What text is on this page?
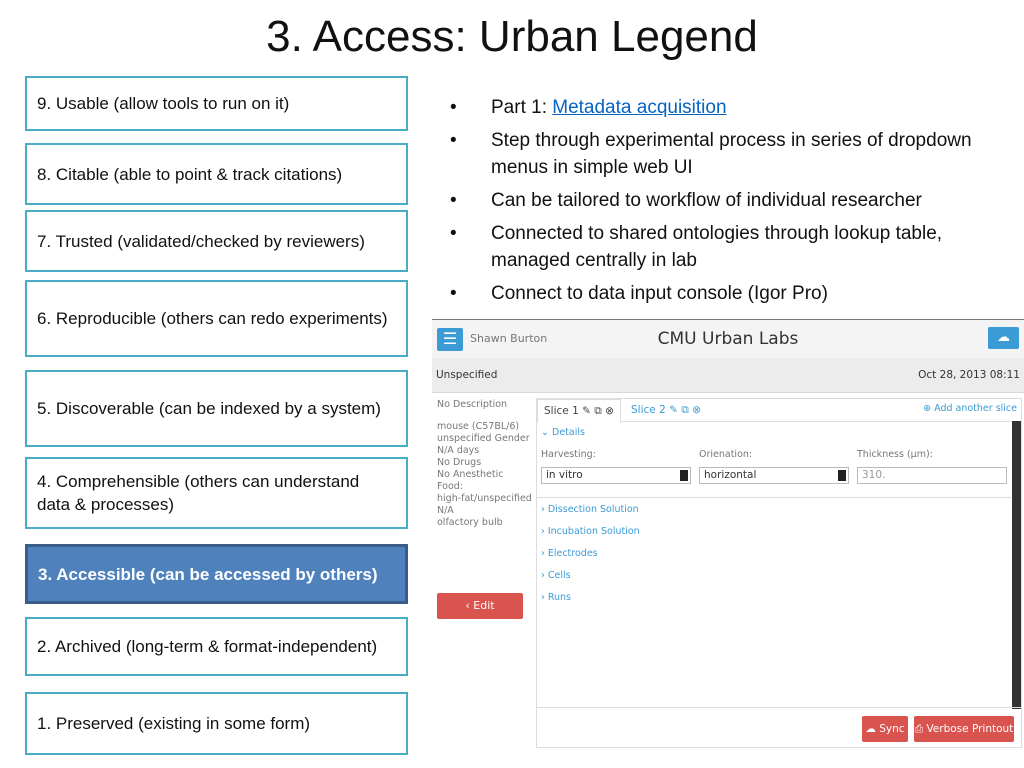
3. Access: Urban Legend
9. Usable (allow tools to run on it)
8. Citable (able to point & track citations)
7. Trusted (validated/checked by reviewers)
6. Reproducible (others can redo experiments)
5. Discoverable (can be indexed by a system)
4. Comprehensible (others can understand data & processes)
3. Accessible (can be accessed by others)
2. Archived (long-term & format-independent)
1. Preserved (existing in some form)
• Part 1: Metadata acquisition
• Step through experimental process in series of dropdown menus in simple web UI
• Can be tailored to workflow of individual researcher
• Connected to shared ontologies through lookup table, managed centrally in lab
• Connect to data input console (Igor Pro)
☰	Shawn Burton	CMU Urban Labs	☁
Unspecified	Oct 28, 2013 08:11
No Description
mouse (C57BL/6)
unspecified Gender
N/A days
No Drugs
No Anesthetic
Food:
high-fat/unspecified
N/A
olfactory bulb
‹ Edit
Slice 1 ✎ ⧉ ⊗	Slice 2 ✎ ⧉ ⊗	⊕ Add another slice
⌄ Details
Harvesting:	Orienation:	Thickness (µm):
in vitro	horizontal	310.
› Dissection Solution
› Incubation Solution
› Electrodes
› Cells
› Runs
☁ Sync ⎙ Verbose Printout
